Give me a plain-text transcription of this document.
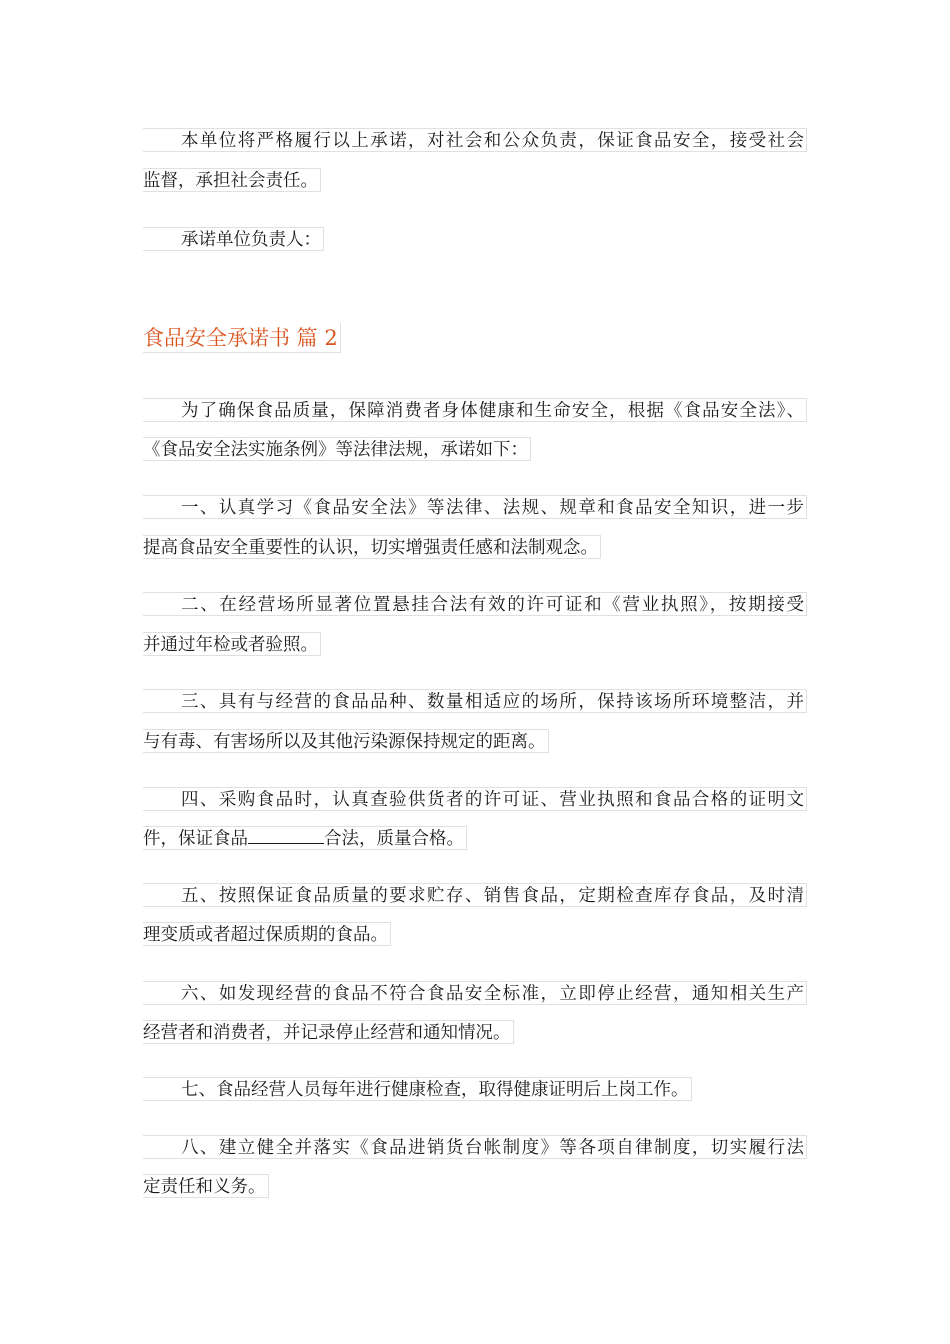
本单位将严格履行以上承诺，对社会和公众负责，保证食品安全，接受社会
监督，承担社会责任。
承诺单位负责人：
食品安全承诺书 篇 2
为了确保食品质量，保障消费者身体健康和生命安全，根据《食品安全法》、
《食品安全法实施条例》等法律法规，承诺如下：
一、认真学习《食品安全法》等法律、法规、规章和食品安全知识，进一步
提高食品安全重要性的认识，切实增强责任感和法制观念。
二、在经营场所显著位置悬挂合法有效的许可证和《营业执照》，按期接受
并通过年检或者验照。
三、具有与经营的食品品种、数量相适应的场所，保持该场所环境整洁，并
与有毒、有害场所以及其他污染源保持规定的距离。
四、采购食品时，认真查验供货者的许可证、营业执照和食品合格的证明文
件，保证食品	合法，质量合格。
五、按照保证食品质量的要求贮存、销售食品，定期检查库存食品，及时清
理变质或者超过保质期的食品。
六、如发现经营的食品不符合食品安全标准，立即停止经营，通知相关生产
经营者和消费者，并记录停止经营和通知情况。
七、食品经营人员每年进行健康检查，取得健康证明后上岗工作。
八、建立健全并落实《食品进销货台帐制度》等各项自律制度，切实履行法
定责任和义务。
